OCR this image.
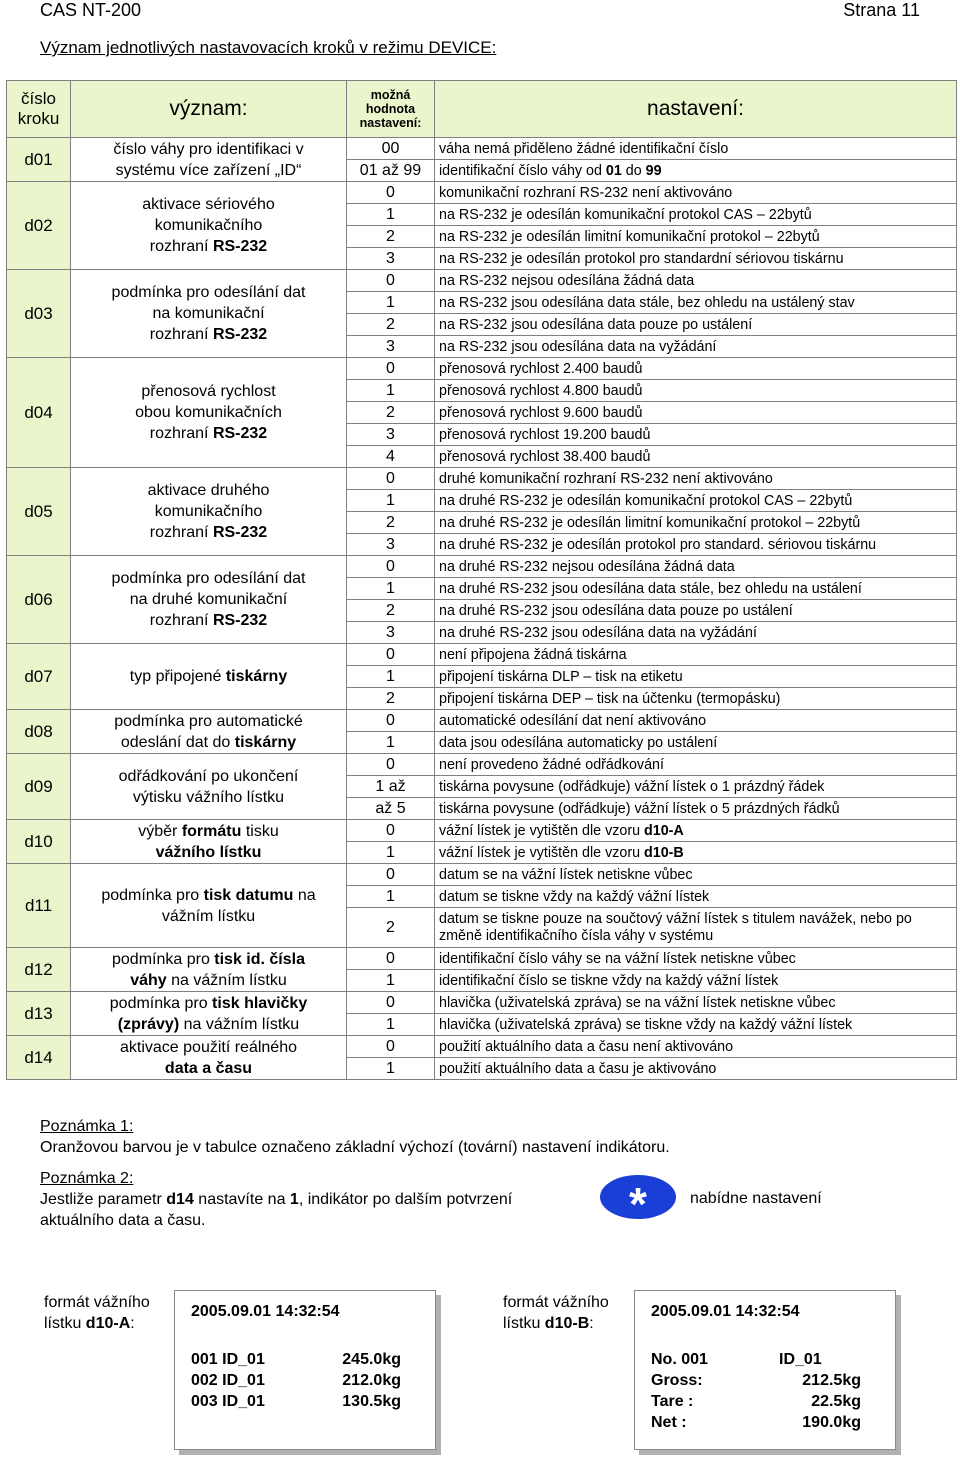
CAS NT-200	Strana 11
Význam jednotlivých nastavovacích kroků v režimu DEVICE:
číslo kroku	význam:	možná hodnota nastavení:	nastavení:
d01	číslo váhy pro identifikaci v
systému více zařízení „ID“	00	váha nemá přiděleno žádné identifikační číslo
		01 až 99	identifikační číslo váhy od 01 do 99
d02	aktivace sériového
komunikačního
rozhraní RS-232	0	komunikační rozhraní RS-232 není aktivováno
		1	na RS-232 je odesílán komunikační protokol CAS – 22bytů
		2	na RS-232 je odesílán limitní komunikační protokol – 22bytů
		3	na RS-232 je odesílán protokol pro standardní sériovou tiskárnu
d03	podmínka pro odesílání dat
na komunikační
rozhraní RS-232	0	na RS-232 nejsou odesílána žádná data
		1	na RS-232 jsou odesílána data stále, bez ohledu na ustálený stav
		2	na RS-232 jsou odesílána data pouze po ustálení
		3	na RS-232 jsou odesílána data na vyžádání
d04	přenosová rychlost
obou komunikačních
rozhraní RS-232	0	přenosová rychlost 2.400 baudů
		1	přenosová rychlost 4.800 baudů
		2	přenosová rychlost 9.600 baudů
		3	přenosová rychlost 19.200 baudů
		4	přenosová rychlost 38.400 baudů
d05	aktivace druhého
komunikačního
rozhraní RS-232	0	druhé komunikační rozhraní RS-232 není aktivováno
		1	na druhé RS-232 je odesílán komunikační protokol CAS – 22bytů
		2	na druhé RS-232 je odesílán limitní komunikační protokol – 22bytů
		3	na druhé RS-232 je odesílán protokol pro standard. sériovou tiskárnu
d06	podmínka pro odesílání dat
na druhé komunikační
rozhraní RS-232	0	na druhé RS-232 nejsou odesílána žádná data
		1	na druhé RS-232 jsou odesílána data stále, bez ohledu na ustálení
		2	na druhé RS-232 jsou odesílána data pouze po ustálení
		3	na druhé RS-232 jsou odesílána data na vyžádání
d07	typ připojené tiskárny	0	není připojena žádná tiskárna
		1	připojení tiskárna DLP – tisk na etiketu
		2	připojení tiskárna DEP – tisk na účtenku (termopásku)
d08	podmínka pro automatické
odeslání dat do tiskárny	0	automatické odesílání dat není aktivováno
		1	data jsou odesílána automaticky po ustálení
d09	odřádkování po ukončení
výtisku vážního lístku	0	není provedeno žádné odřádkování
		1 až	tiskárna povysune (odřádkuje) vážní lístek o 1 prázdný řádek
		až 5	tiskárna povysune (odřádkuje) vážní lístek o 5 prázdných řádků
d10	výběr formátu tisku
vážního lístku	0	vážní lístek je vytištěn dle vzoru d10-A
		1	vážní lístek je vytištěn dle vzoru d10-B
d11	podmínka pro tisk datumu na
vážním lístku	0	datum se na vážní lístek netiskne vůbec
		1	datum se tiskne vždy na každý vážní lístek
		2	datum se tiskne pouze na součtový vážní lístek s titulem navážek, nebo po změně identifikačního čísla váhy v systému
d12	podmínka pro tisk id. čísla
váhy na vážním lístku	0	identifikační číslo váhy se na vážní lístek netiskne vůbec
		1	identifikační číslo se tiskne vždy na každý vážní lístek
d13	podmínka pro tisk hlavičky
(zprávy) na vážním lístku	0	hlavička (uživatelská zpráva) se na vážní lístek netiskne vůbec
		1	hlavička (uživatelská zpráva) se tiskne vždy na každý vážní lístek
d14	aktivace použití reálného
data a času	0	použití aktuálního data a času není aktivováno
		1	použití aktuálního data a času je aktivováno
Poznámka 1:
Oranžovou barvou je v tabulce označeno základní výchozí (tovární) nastavení indikátoru.
Poznámka 2:
Jestliže parametr d14 nastavíte na 1, indikátor po dalším potvrzení
aktuálního data a času.	*	nabídne nastavení
formát vážního
lístku d10-A:
2005.09.01 14:32:54
001 ID_01	245.0kg
002 ID_01	212.0kg
003 ID_01	130.5kg
formát vážního
lístku d10-B:
2005.09.01 14:32:54
No. 001	ID_01
Gross:	212.5kg
Tare :	22.5kg
Net :	190.0kg
